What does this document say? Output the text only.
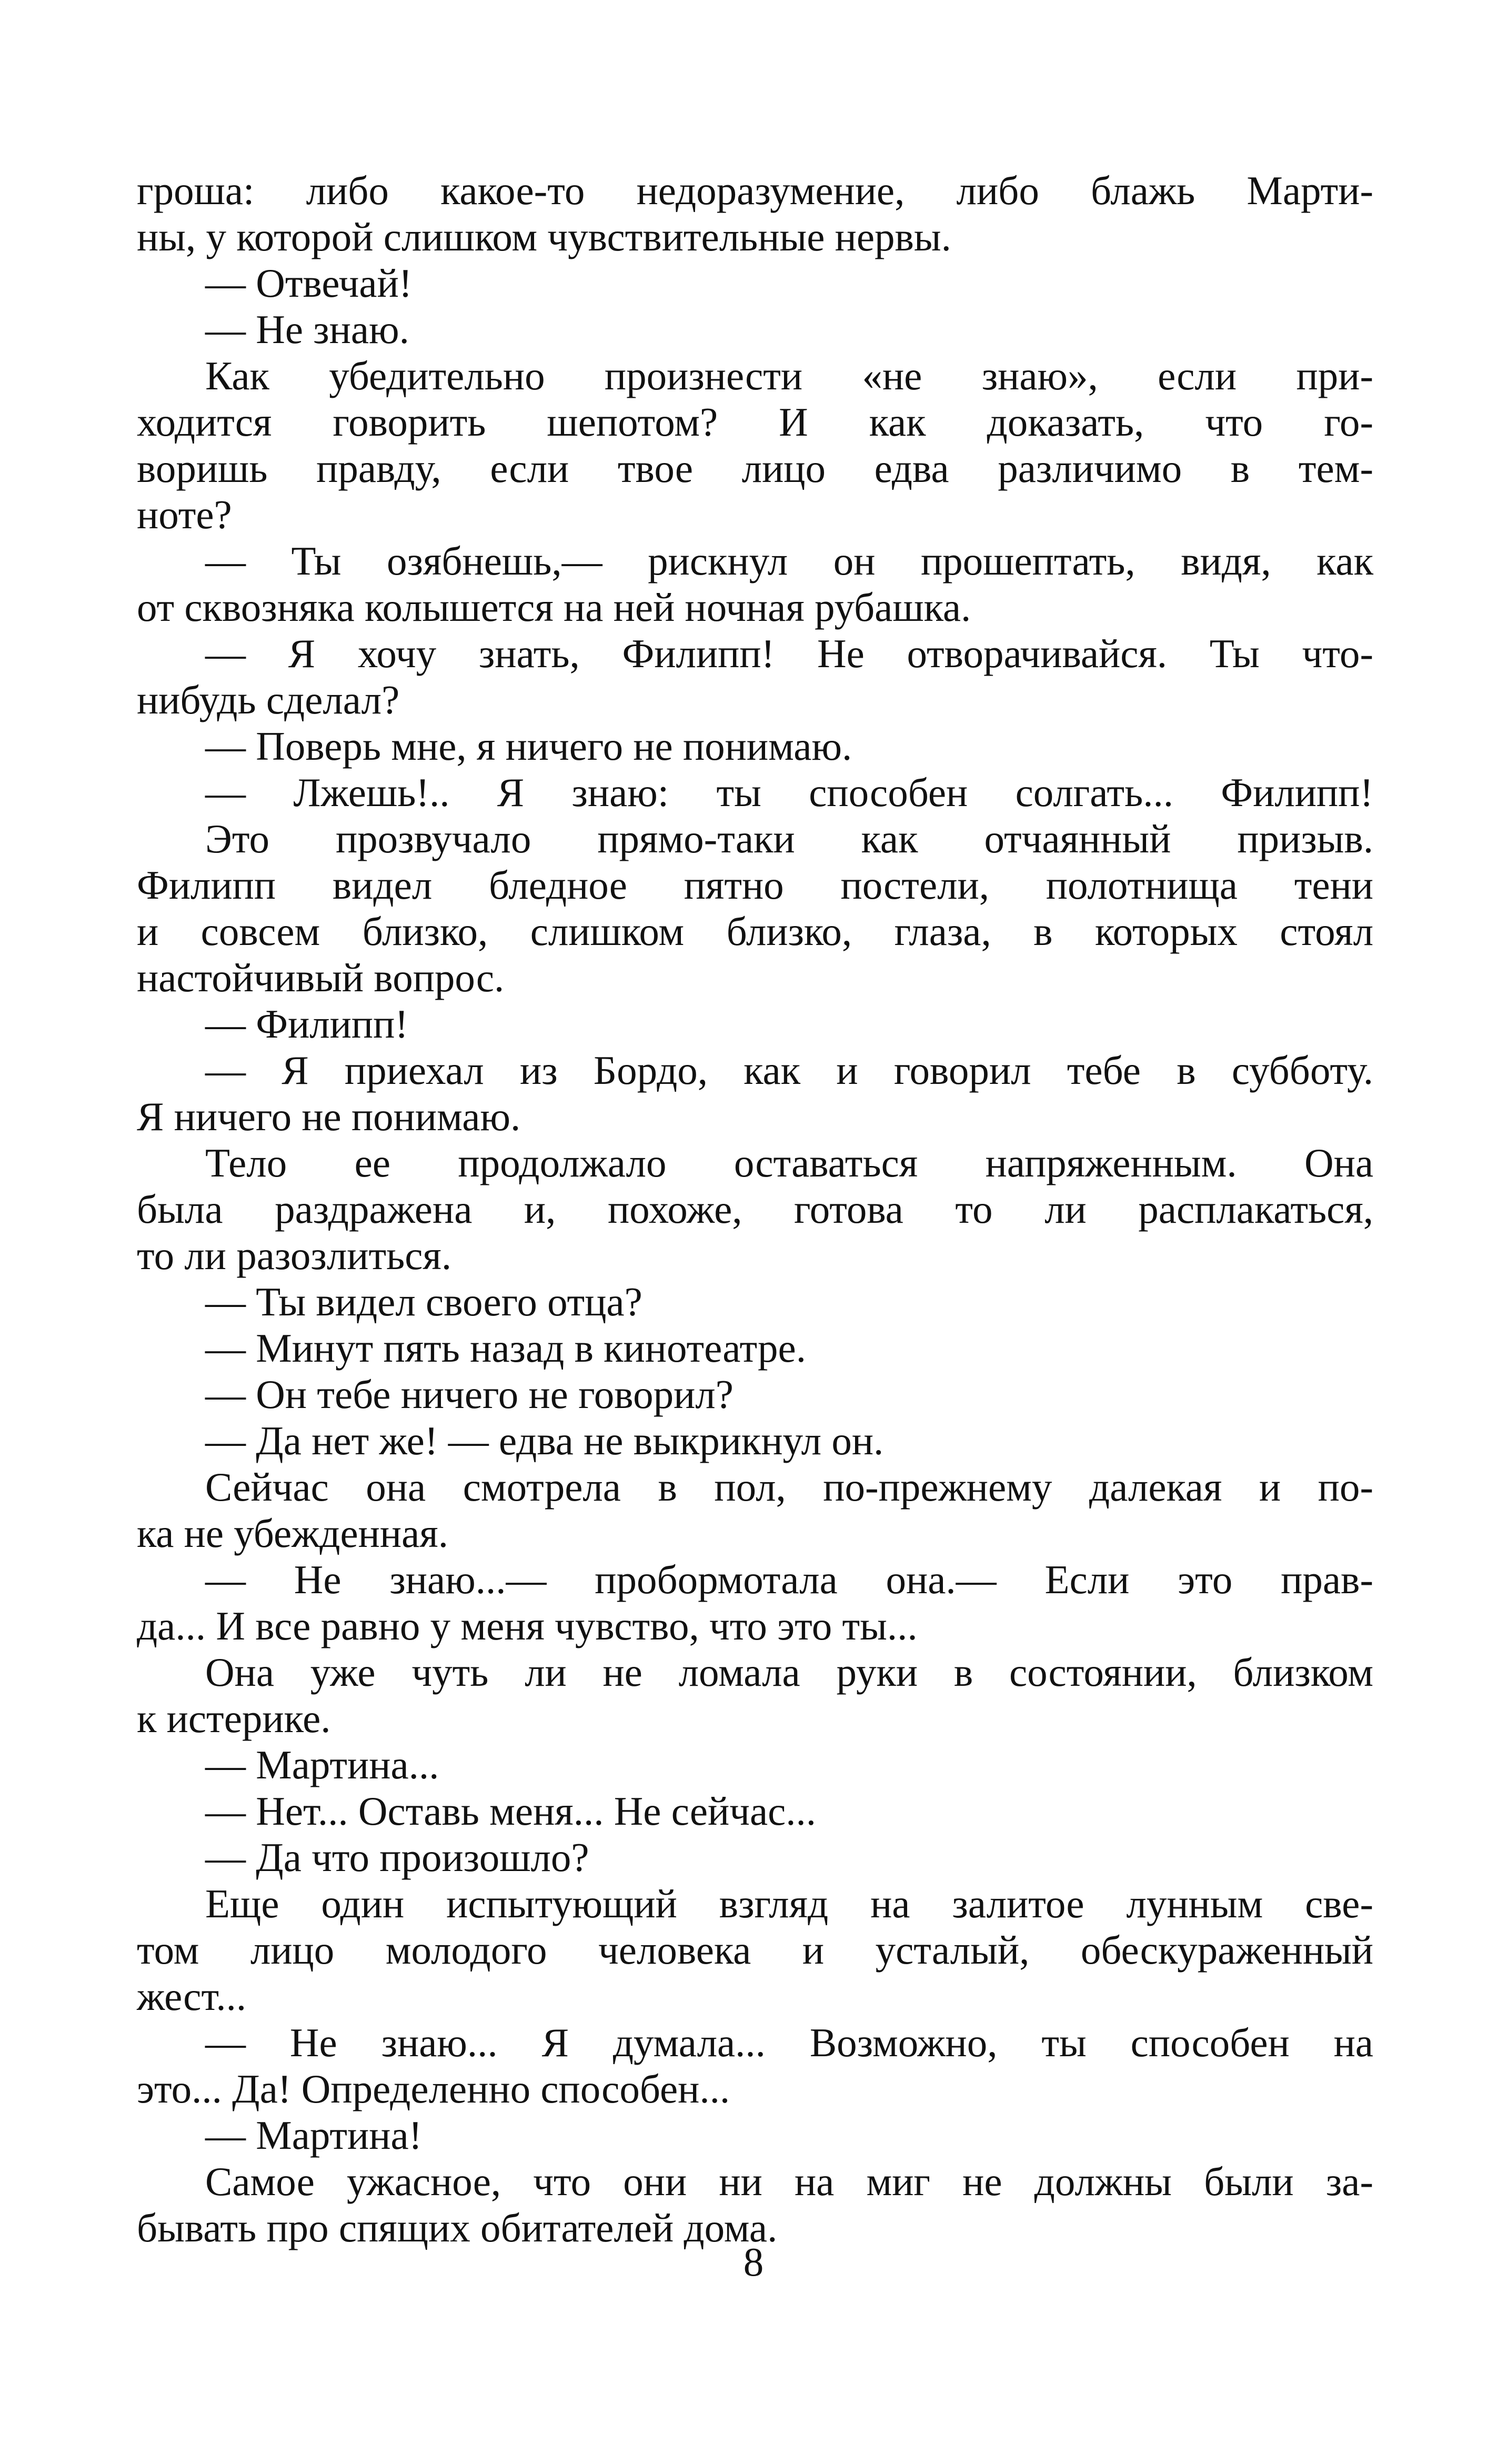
гроша: либо какое-то недоразумение, либо блажь Марти-
ны, у которой слишком чувствительные нервы.
— Отвечай!
— Не знаю.
Как убедительно произнести «не знаю», если при-
ходится говорить шепотом? И как доказать, что го-
воришь правду, если твое лицо едва различимо в тем-
ноте?
— Ты озябнешь,— рискнул он прошептать, видя, как
от сквозняка колышется на ней ночная рубашка.
— Я хочу знать, Филипп! Не отворачивайся. Ты что-
нибудь сделал?
— Поверь мне, я ничего не понимаю.
— Лжешь!.. Я знаю: ты способен солгать... Филипп!
Это прозвучало прямо-таки как отчаянный призыв.
Филипп видел бледное пятно постели, полотнища тени
и совсем близко, слишком близко, глаза, в которых стоял
настойчивый вопрос.
— Филипп!
— Я приехал из Бордо, как и говорил тебе в субботу.
Я ничего не понимаю.
Тело ее продолжало оставаться напряженным. Она
была раздражена и, похоже, готова то ли расплакаться,
то ли разозлиться.
— Ты видел своего отца?
— Минут пять назад в кинотеатре.
— Он тебе ничего не говорил?
— Да нет же! — едва не выкрикнул он.
Сейчас она смотрела в пол, по-прежнему далекая и по-
ка не убежденная.
— Не знаю...— пробормотала она.— Если это прав-
да... И все равно у меня чувство, что это ты...
Она уже чуть ли не ломала руки в состоянии, близком
к истерике.
— Мартина...
— Нет... Оставь меня... Не сейчас...
— Да что произошло?
Еще один испытующий взгляд на залитое лунным све-
том лицо молодого человека и усталый, обескураженный
жест...
— Не знаю... Я думала... Возможно, ты способен на
это... Да! Определенно способен...
— Мартина!
Самое ужасное, что они ни на миг не должны были за-
бывать про спящих обитателей дома.
8
